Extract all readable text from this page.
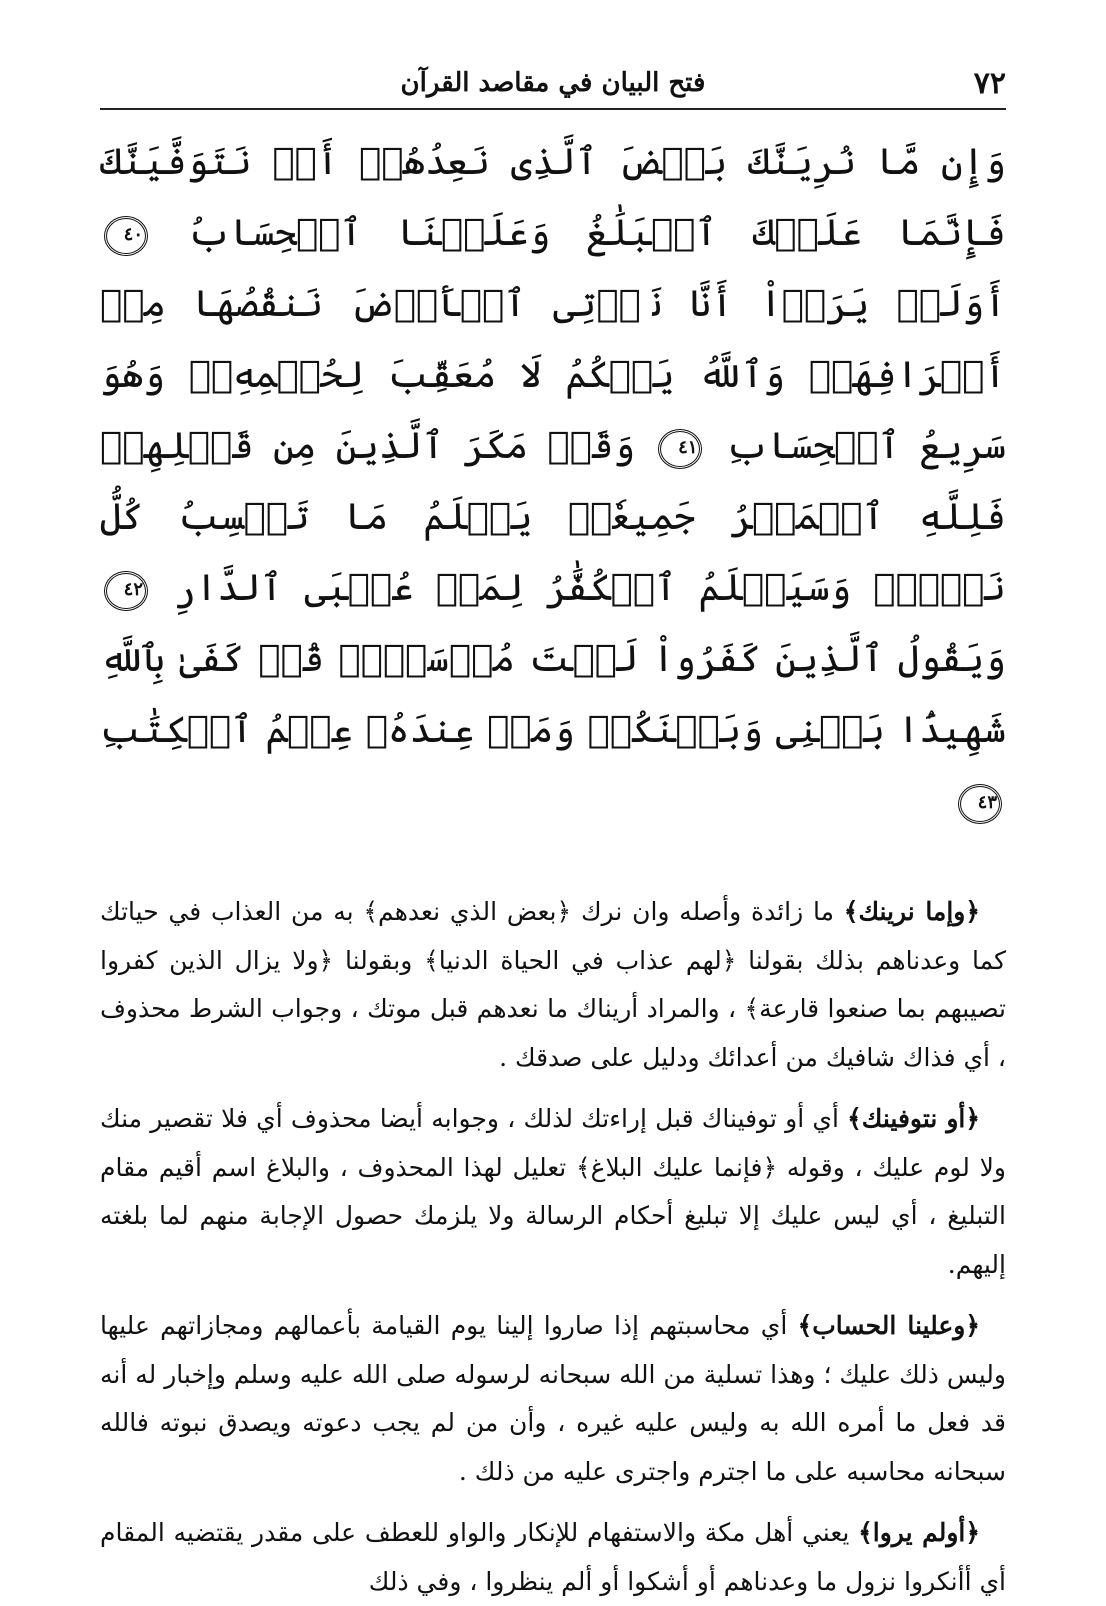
٧٢
فتح البيان في مقاصد القرآن
وَإِن مَّا نُرِيَنَّكَ بَعۡضَ ٱلَّذِى نَعِدُهُمۡ أَوۡ نَتَوَفَّيَنَّكَ فَإِنَّمَا عَلَيۡكَ ٱلۡبَلَٰغُ وَعَلَيۡنَا ٱلۡحِسَابُ ٤٠ أَوَلَمۡ يَرَوۡاْ أَنَّا نَأۡتِى ٱلۡأَرۡضَ نَنقُصُهَا مِنۡ أَطۡرَافِهَاۚ وَٱللَّهُ يَحۡكُمُ لَا مُعَقِّبَ لِحُكۡمِهِۦۚ وَهُوَ سَرِيعُ ٱلۡحِسَابِ ٤١ وَقَدۡ مَكَرَ ٱلَّذِينَ مِن قَبۡلِهِمۡ فَلِلَّهِ ٱلۡمَكۡرُ جَمِيعٗاۖ يَعۡلَمُ مَا تَكۡسِبُ كُلُّ نَفۡسٖۗ وَسَيَعۡلَمُ ٱلۡكُفَّٰرُ لِمَنۡ عُقۡبَى ٱلدَّارِ ٤٢ وَيَقُولُ ٱلَّذِينَ كَفَرُواْ لَسۡتَ مُرۡسَلٗاۚ قُلۡ كَفَىٰ بِٱللَّهِ شَهِيدَۢا بَيۡنِى وَبَيۡنَكُمۡ وَمَنۡ عِندَهُۥ عِلۡمُ ٱلۡكِتَٰبِ ٤٣

﴿وإما نرينك﴾ ما زائدة وأصله وان نرك ﴿بعض الذي نعدهم﴾ به من العذاب في حياتك كما وعدناهم بذلك بقولنا ﴿لهم عذاب في الحياة الدنيا﴾ وبقولنا ﴿ولا يزال الذين كفروا تصيبهم بما صنعوا قارعة﴾ ، والمراد أريناك ما نعدهم قبل موتك ، وجواب الشرط محذوف ، أي فذاك شافيك من أعدائك ودليل على صدقك .

﴿أو نتوفينك﴾ أي أو توفيناك قبل إراءتك لذلك ، وجوابه أيضا محذوف أي فلا تقصير منك ولا لوم عليك ، وقوله ﴿فإنما عليك البلاغ﴾ تعليل لهذا المحذوف ، والبلاغ اسم أقيم مقام التبليغ ، أي ليس عليك إلا تبليغ أحكام الرسالة ولا يلزمك حصول الإجابة منهم لما بلغته إليهم.

﴿وعلينا الحساب﴾ أي محاسبتهم إذا صاروا إلينا يوم القيامة بأعمالهم ومجازاتهم عليها وليس ذلك عليك ؛ وهذا تسلية من الله سبحانه لرسوله صلى الله عليه وسلم وإخبار له أنه قد فعل ما أمره الله به وليس عليه غيره ، وأن من لم يجب دعوته ويصدق نبوته فالله سبحانه محاسبه على ما اجترم واجترى عليه من ذلك .

﴿أولم يروا﴾ يعني أهل مكة والاستفهام للإنكار والواو للعطف على مقدر يقتضيه المقام أي أأنكروا نزول ما وعدناهم أو أشكوا أو ألم ينظروا ، وفي ذلك
